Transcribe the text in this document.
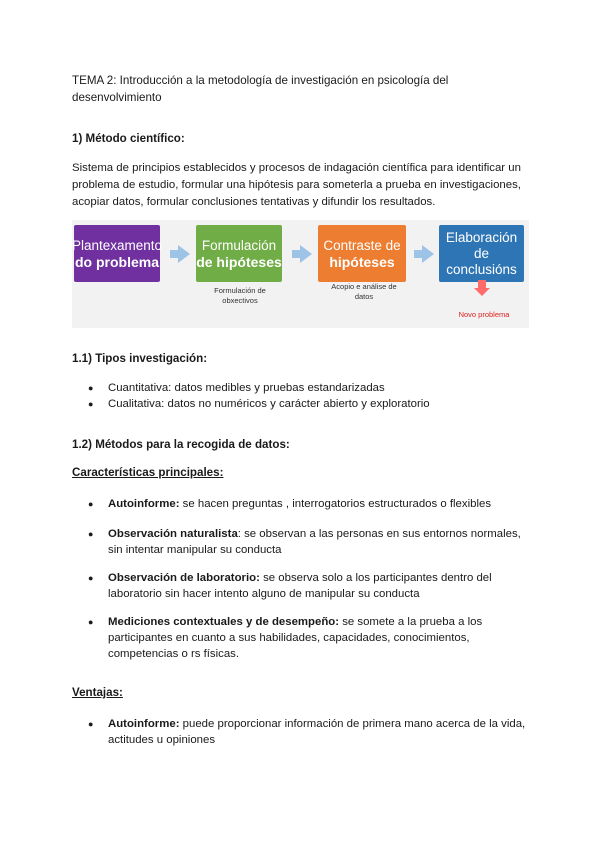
TEMA 2: Introducción a la metodología de investigación en psicología del desenvolvimiento
1) Método científico:
Sistema de principios establecidos y procesos de indagación científica para identificar un problema de estudio, formular una hipótesis para someterla a prueba en investigaciones, acopiar datos, formular conclusiones tentativas y difundir los resultados.
Plantexamento
do problema
Formulación
de hipóteses
Contraste de
hipóteses
Elaboración
de
conclusións
Formulación de obxectivos
Acopio e análise de datos
Novo problema
1.1) Tipos investigación:
● Cuantitativa: datos medibles y pruebas estandarizadas
● Cualitativa: datos no numéricos y carácter abierto y exploratorio
1.2) Métodos para la recogida de datos:
Características principales:
● Autoinforme: se hacen preguntas , interrogatorios estructurados o flexibles
● Observación naturalista: se observan a las personas en sus entornos normales, sin intentar manipular su conducta
● Observación de laboratorio: se observa solo a los participantes dentro del laboratorio sin hacer intento alguno de manipular su conducta
● Mediciones contextuales y de desempeño: se somete a la prueba a los participantes en cuanto a sus habilidades, capacidades, conocimientos, competencias o rs físicas.
Ventajas:
● Autoinforme: puede proporcionar información de primera mano acerca de la vida, actitudes u opiniones
